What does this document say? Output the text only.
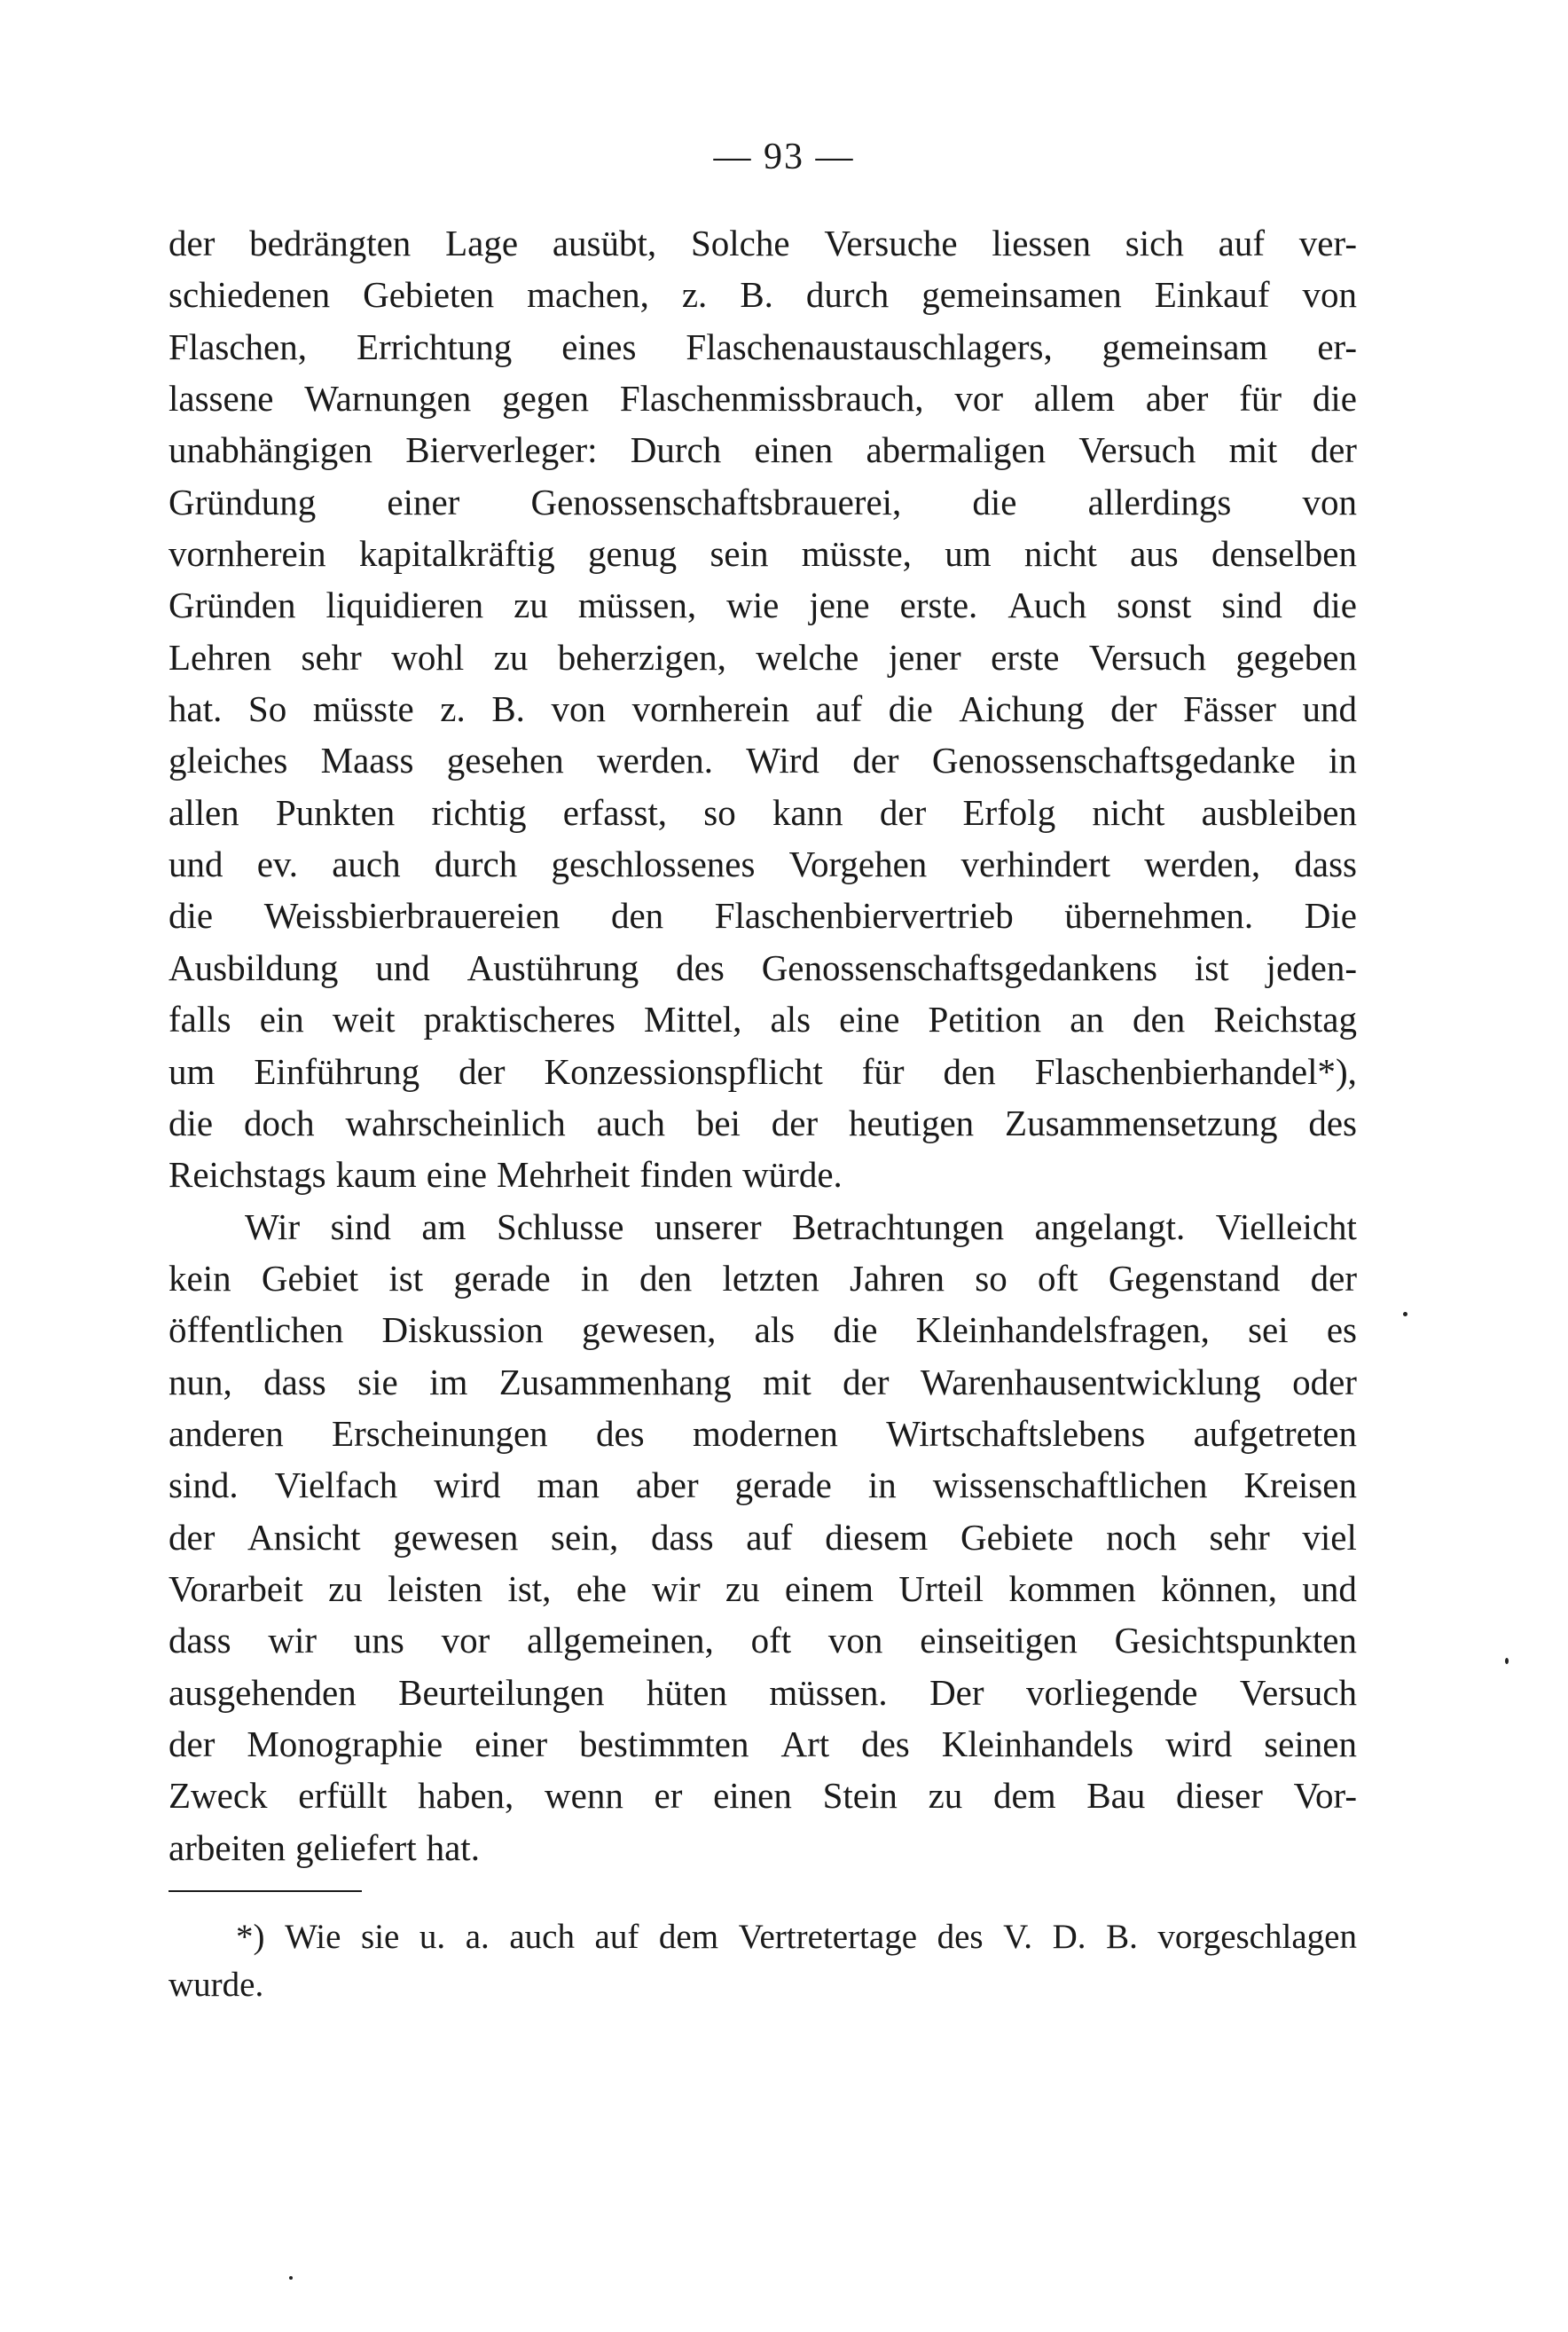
— 93 —
der bedrängten Lage ausübt, Solche Versuche liessen sich auf ver-
schiedenen Gebieten machen, z. B. durch gemeinsamen Einkauf von
Flaschen, Errichtung eines Flaschenaustauschlagers, gemeinsam er-
lassene Warnungen gegen Flaschenmissbrauch, vor allem aber für die
unabhängigen Bierverleger: Durch einen abermaligen Versuch mit der
Gründung einer Genossenschaftsbrauerei, die allerdings von
vornherein kapitalkräftig genug sein müsste, um nicht aus denselben
Gründen liquidieren zu müssen, wie jene erste. Auch sonst sind die
Lehren sehr wohl zu beherzigen, welche jener erste Versuch gegeben
hat. So müsste z. B. von vornherein auf die Aichung der Fässer und
gleiches Maass gesehen werden. Wird der Genossenschaftsgedanke in
allen Punkten richtig erfasst, so kann der Erfolg nicht ausbleiben
und ev. auch durch geschlossenes Vorgehen verhindert werden, dass
die Weissbierbrauereien den Flaschenbiervertrieb übernehmen. Die
Ausbildung und Austührung des Genossenschaftsgedankens ist jeden-
falls ein weit praktischeres Mittel, als eine Petition an den Reichstag
um Einführung der Konzessionspflicht für den Flaschenbierhandel*),
die doch wahrscheinlich auch bei der heutigen Zusammensetzung des
Reichstags kaum eine Mehrheit finden würde.
Wir sind am Schlusse unserer Betrachtungen angelangt. Vielleicht
kein Gebiet ist gerade in den letzten Jahren so oft Gegenstand der
öffentlichen Diskussion gewesen, als die Kleinhandelsfragen, sei es
nun, dass sie im Zusammenhang mit der Warenhausentwicklung oder
anderen Erscheinungen des modernen Wirtschaftslebens aufgetreten
sind. Vielfach wird man aber gerade in wissenschaftlichen Kreisen
der Ansicht gewesen sein, dass auf diesem Gebiete noch sehr viel
Vorarbeit zu leisten ist, ehe wir zu einem Urteil kommen können, und
dass wir uns vor allgemeinen, oft von einseitigen Gesichtspunkten
ausgehenden Beurteilungen hüten müssen. Der vorliegende Versuch
der Monographie einer bestimmten Art des Kleinhandels wird seinen
Zweck erfüllt haben, wenn er einen Stein zu dem Bau dieser Vor-
arbeiten geliefert hat.
*) Wie sie u. a. auch auf dem Vertretertage des V. D. B. vorgeschlagen
wurde.
